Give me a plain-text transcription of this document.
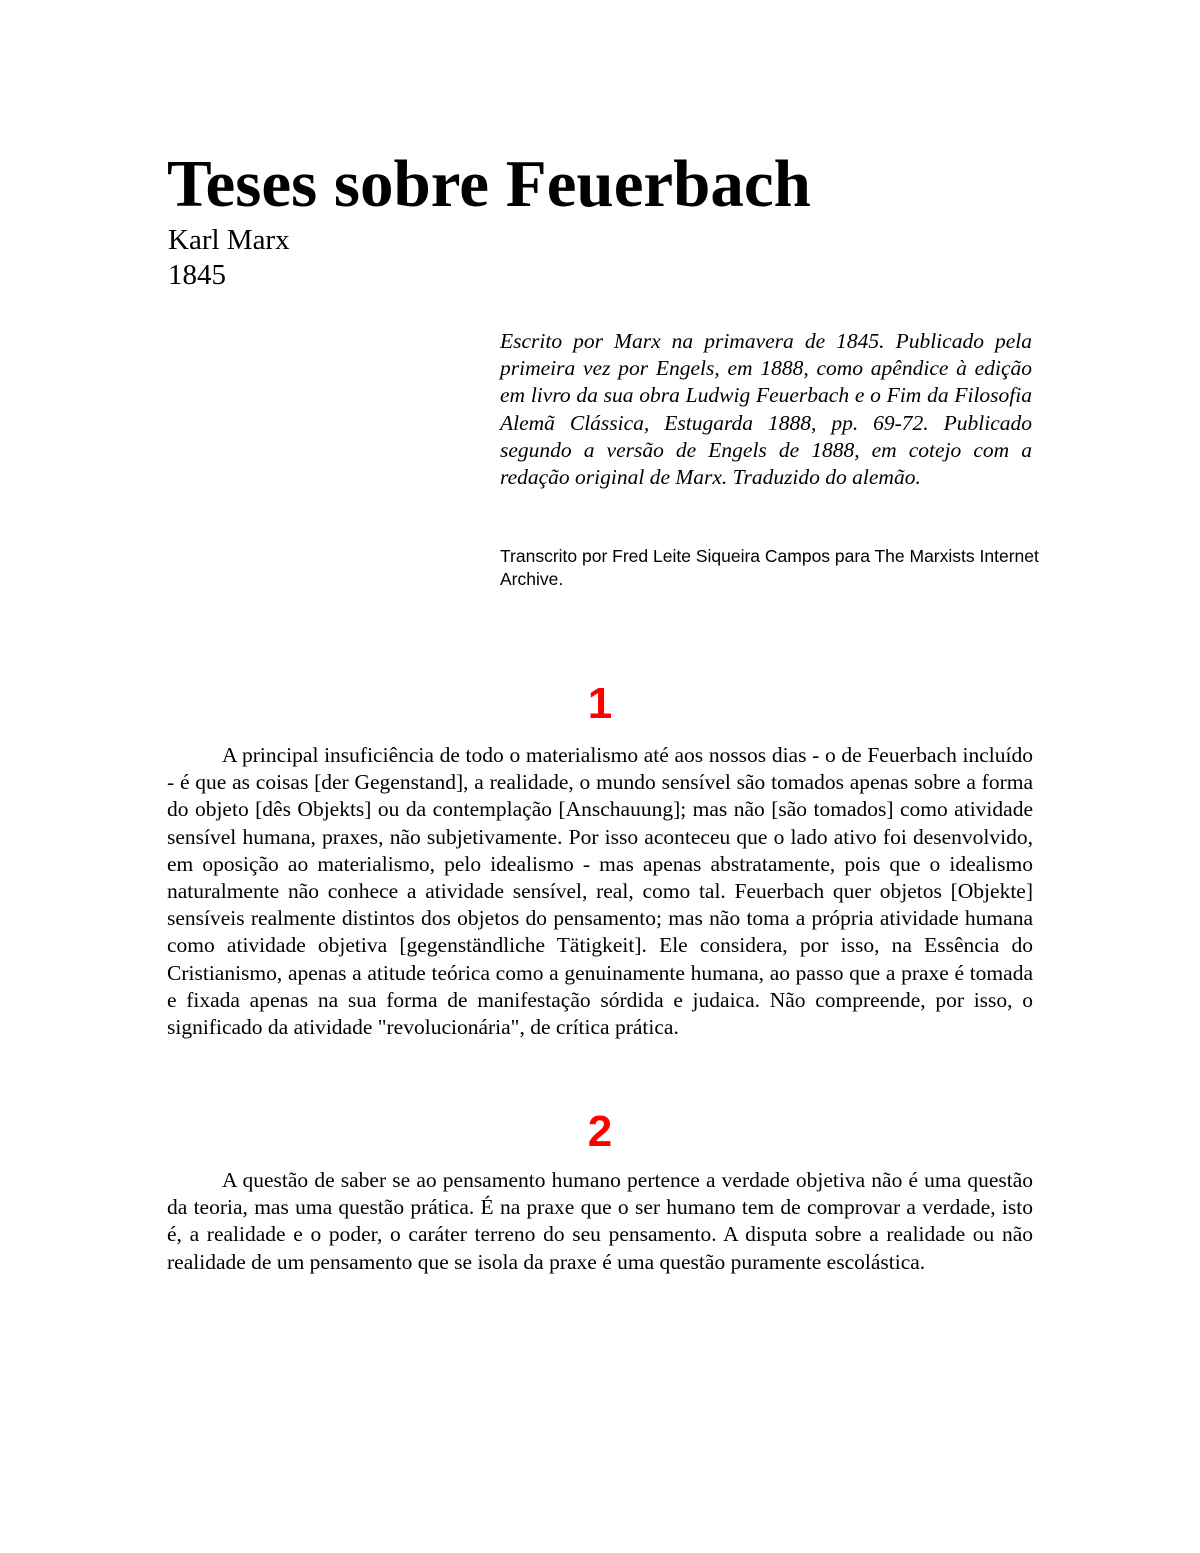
Teses sobre Feuerbach
Karl Marx
1845

Escrito por Marx na primavera de 1845. Publicado pela primeira vez por Engels, em 1888, como apêndice à edição em livro da sua obra Ludwig Feuerbach e o Fim da Filosofia Alemã Clássica, Estugarda 1888, pp. 69-72. Publicado segundo a versão de Engels de 1888, em cotejo com a redação original de Marx. Traduzido do alemão.

Transcrito por Fred Leite Siqueira Campos para The Marxists Internet Archive.

1

A principal insuficiência de todo o materialismo até aos nossos dias - o de Feuerbach incluído - é que as coisas [der Gegenstand], a realidade, o mundo sensível são tomados apenas sobre a forma do objeto [dês Objekts] ou da contemplação [Anschauung]; mas não [são tomados] como atividade sensível humana, praxes, não subjetivamente. Por isso aconteceu que o lado ativo foi desenvolvido, em oposição ao materialismo, pelo idealismo - mas apenas abstratamente, pois que o idealismo naturalmente não conhece a atividade sensível, real, como tal. Feuerbach quer objetos [Objekte] sensíveis realmente distintos dos objetos do pensamento; mas não toma a própria atividade humana como atividade objetiva [gegenständliche Tätigkeit]. Ele considera, por isso, na Essência do Cristianismo, apenas a atitude teórica como a genuinamente humana, ao passo que a praxe é tomada e fixada apenas na sua forma de manifestação sórdida e judaica. Não compreende, por isso, o significado da atividade "revolucionária", de crítica prática.

2

A questão de saber se ao pensamento humano pertence a verdade objetiva não é uma questão da teoria, mas uma questão prática. É na praxe que o ser humano tem de comprovar a verdade, isto é, a realidade e o poder, o caráter terreno do seu pensamento. A disputa sobre a realidade ou não realidade de um pensamento que se isola da praxe é uma questão puramente escolástica.
